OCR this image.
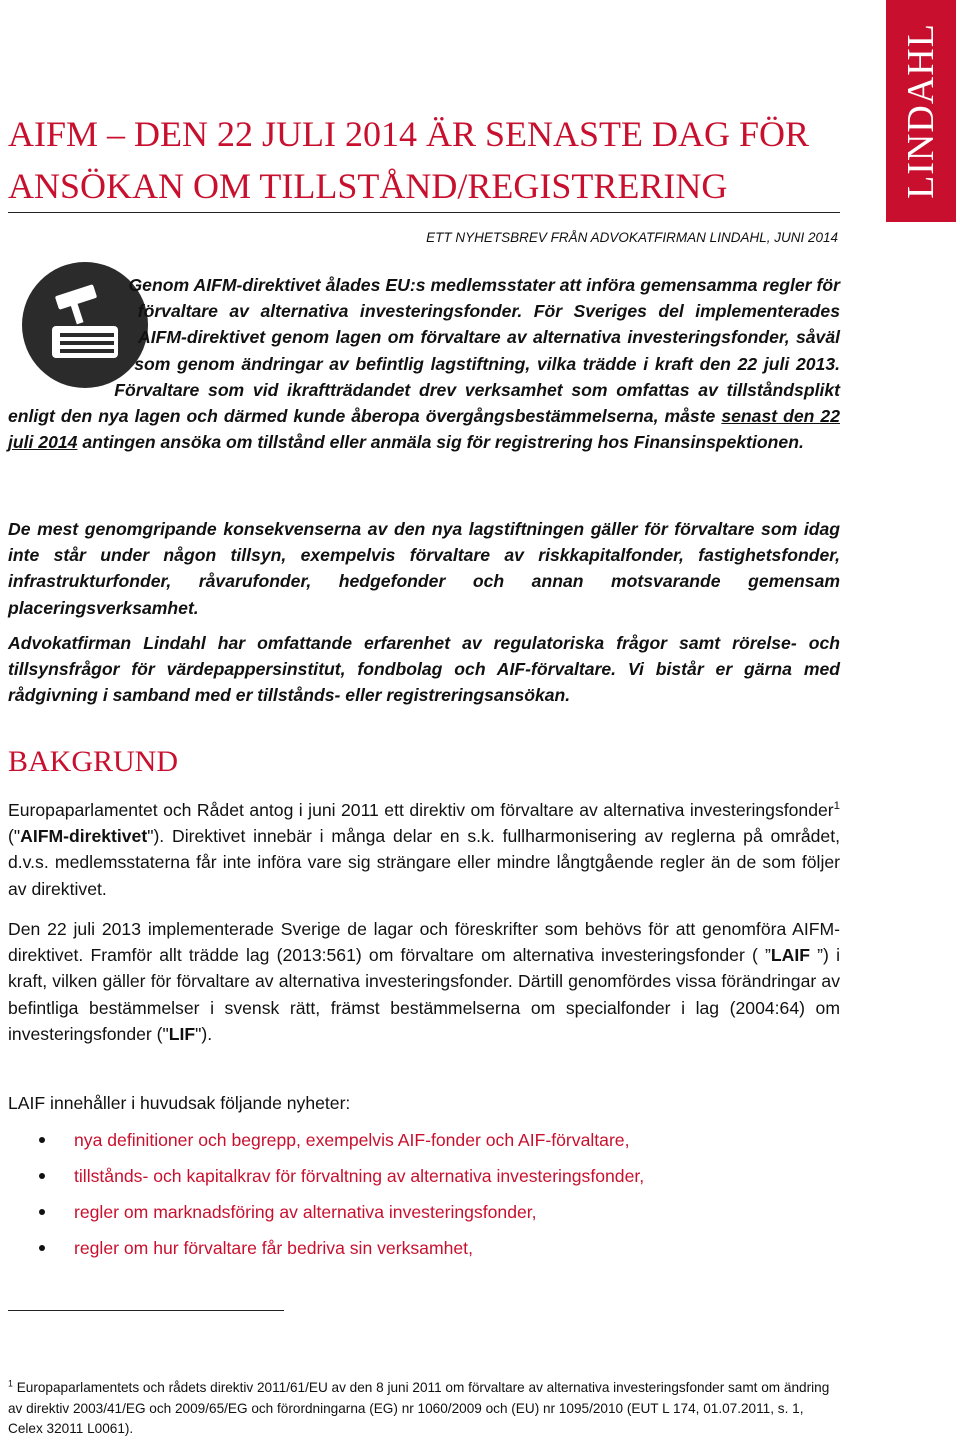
LINDAHL
AIFM – DEN 22 JULI 2014 ÄR SENASTE DAG FÖR ANSÖKAN OM TILLSTÅND/REGISTRERING
ETT NYHETSBREV FRÅN ADVOKATFIRMAN LINDAHL, JUNI 2014

Genom AIFM-direktivet ålades EU:s medlemsstater att införa gemensamma regler för förvaltare av alternativa investeringsfonder. För Sveriges del implementerades AIFM-direktivet genom lagen om förvaltare av alternativa investeringsfonder, såväl som genom ändringar av befintlig lagstiftning, vilka trädde i kraft den 22 juli 2013. Förvaltare som vid ikraftträdandet drev verksamhet som omfattas av tillståndsplikt enligt den nya lagen och därmed kunde åberopa övergångsbestämmelserna, måste senast den 22 juli 2014 antingen ansöka om tillstånd eller anmäla sig för registrering hos Finansinspektionen.

De mest genomgripande konsekvenserna av den nya lagstiftningen gäller för förvaltare som idag inte står under någon tillsyn, exempelvis förvaltare av riskkapitalfonder, fastighetsfonder, infrastrukturfonder, råvarufonder, hedgefonder och annan motsvarande gemensam placeringsverksamhet.

Advokatfirman Lindahl har omfattande erfarenhet av regulatoriska frågor samt rörelse- och tillsynsfrågor för värdepappersinstitut, fondbolag och AIF-förvaltare. Vi bistår er gärna med rådgivning i samband med er tillstånds- eller registreringsansökan.

BAKGRUND

Europaparlamentet och Rådet antog i juni 2011 ett direktiv om förvaltare av alternativa investeringsfonder$^1$ ("AIFM-direktivet"). Direktivet innebär i många delar en s.k. fullharmonisering av reglerna på området, d.v.s. medlemsstaterna får inte införa vare sig strängare eller mindre långtgående regler än de som följer av direktivet.

Den 22 juli 2013 implementerade Sverige de lagar och föreskrifter som behövs för att genomföra AIFM-direktivet. Framför allt trädde lag (2013:561) om förvaltare om alternativa investeringsfonder ( ”LAIF ”) i kraft, vilken gäller för förvaltare av alternativa investeringsfonder. Därtill genomfördes vissa förändringar av befintliga bestämmelser i svensk rätt, främst bestämmelserna om specialfonder i lag (2004:64) om investeringsfonder ("LIF").

LAIF innehåller i huvudsak följande nyheter:

nya definitioner och begrepp, exempelvis AIF-fonder och AIF-förvaltare,
tillstånds- och kapitalkrav för förvaltning av alternativa investeringsfonder,
regler om marknadsföring av alternativa investeringsfonder,
regler om hur förvaltare får bedriva sin verksamhet,

$^1$ Europaparlamentets och rådets direktiv 2011/61/EU av den 8 juni 2011 om förvaltare av alternativa investeringsfonder samt om ändring av direktiv 2003/41/EG och 2009/65/EG och förordningarna (EG) nr 1060/2009 och (EU) nr 1095/2010 (EUT L 174, 01.07.2011, s. 1, Celex 32011 L0061).
